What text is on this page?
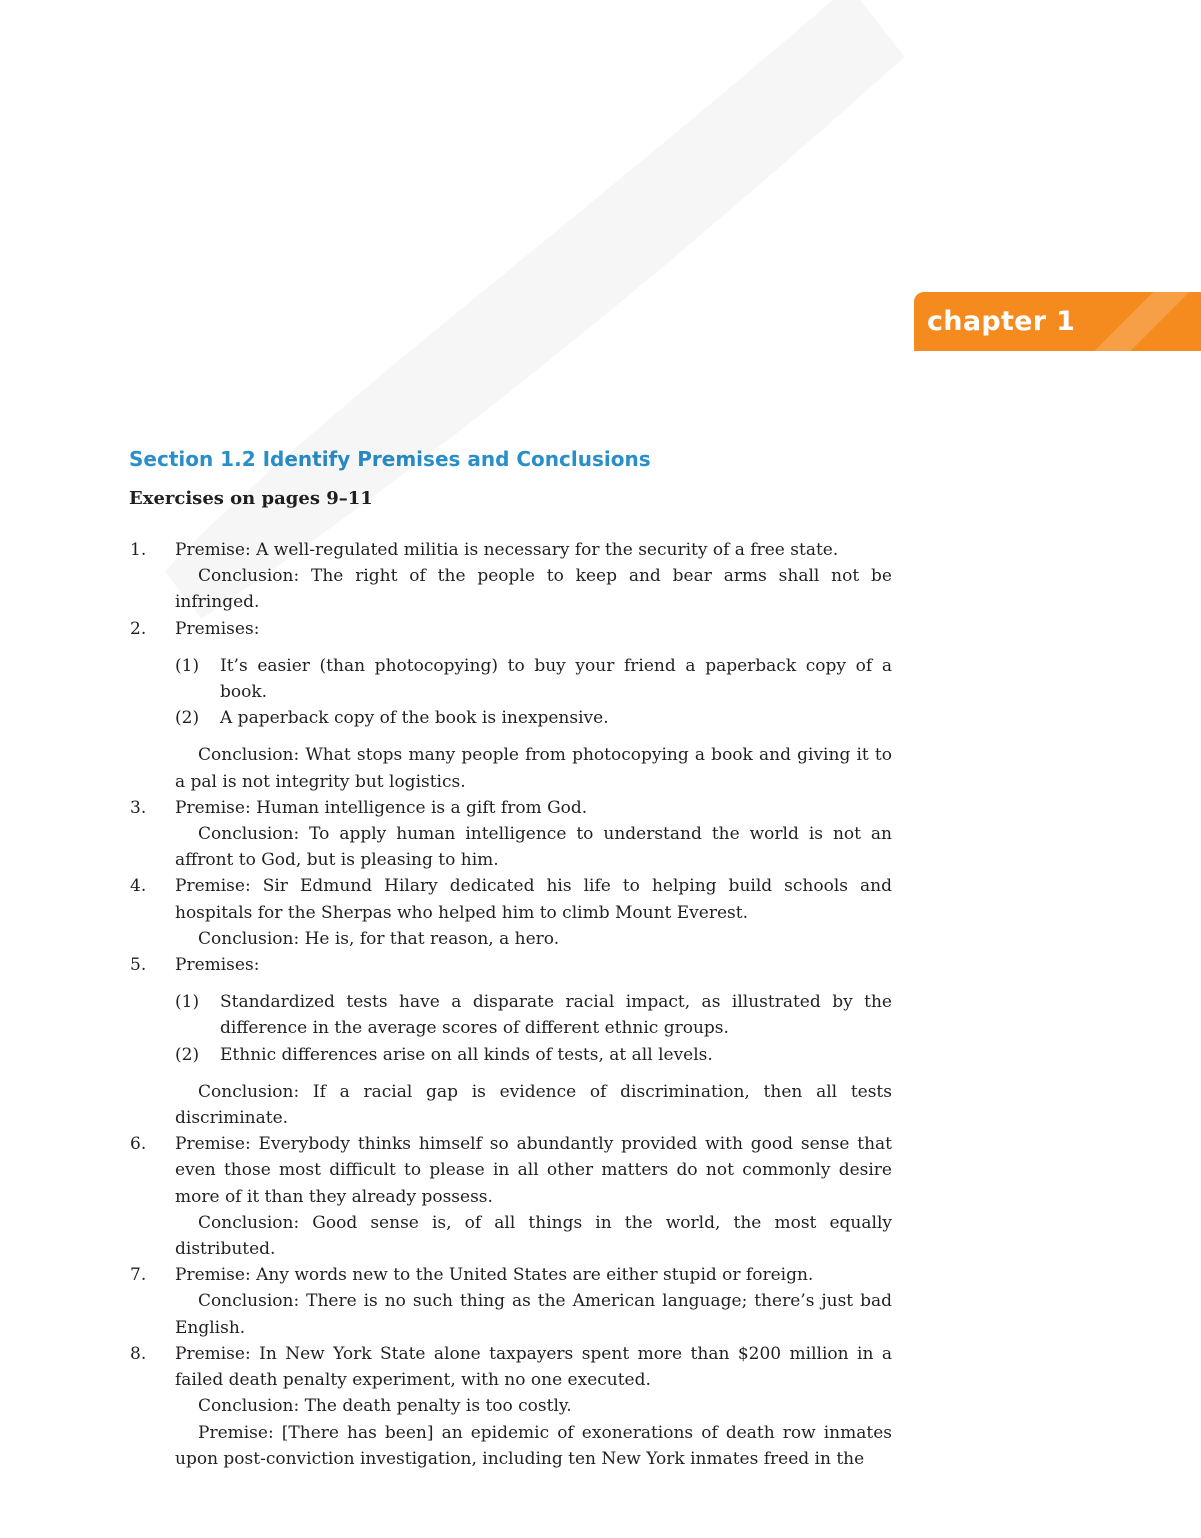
chapter 1
Section 1.2 Identify Premises and Conclusions
Exercises on pages 9–11
1. Premise: A well-regulated militia is necessary for the security of a free state.
Conclusion: The right of the people to keep and bear arms shall not be infringed.
2. Premises:
(1) It’s easier (than photocopying) to buy your friend a paperback copy of a book.
(2) A paperback copy of the book is inexpensive.
Conclusion: What stops many people from photocopying a book and giving it to a pal is not integrity but logistics.
3. Premise: Human intelligence is a gift from God.
Conclusion: To apply human intelligence to understand the world is not an affront to God, but is pleasing to him.
4. Premise: Sir Edmund Hilary dedicated his life to helping build schools and hospitals for the Sherpas who helped him to climb Mount Everest.
Conclusion: He is, for that reason, a hero.
5. Premises:
(1) Standardized tests have a disparate racial impact, as illustrated by the difference in the average scores of different ethnic groups.
(2) Ethnic differences arise on all kinds of tests, at all levels.
Conclusion: If a racial gap is evidence of discrimination, then all tests discriminate.
6. Premise: Everybody thinks himself so abundantly provided with good sense that even those most difficult to please in all other matters do not commonly desire more of it than they already possess.
Conclusion: Good sense is, of all things in the world, the most equally distributed.
7. Premise: Any words new to the United States are either stupid or foreign.
Conclusion: There is no such thing as the American language; there’s just bad English.
8. Premise: In New York State alone taxpayers spent more than $200 million in a failed death penalty experiment, with no one executed.
Conclusion: The death penalty is too costly.
Premise: [There has been] an epidemic of exonerations of death row inmates upon post-conviction investigation, including ten New York inmates freed in the
